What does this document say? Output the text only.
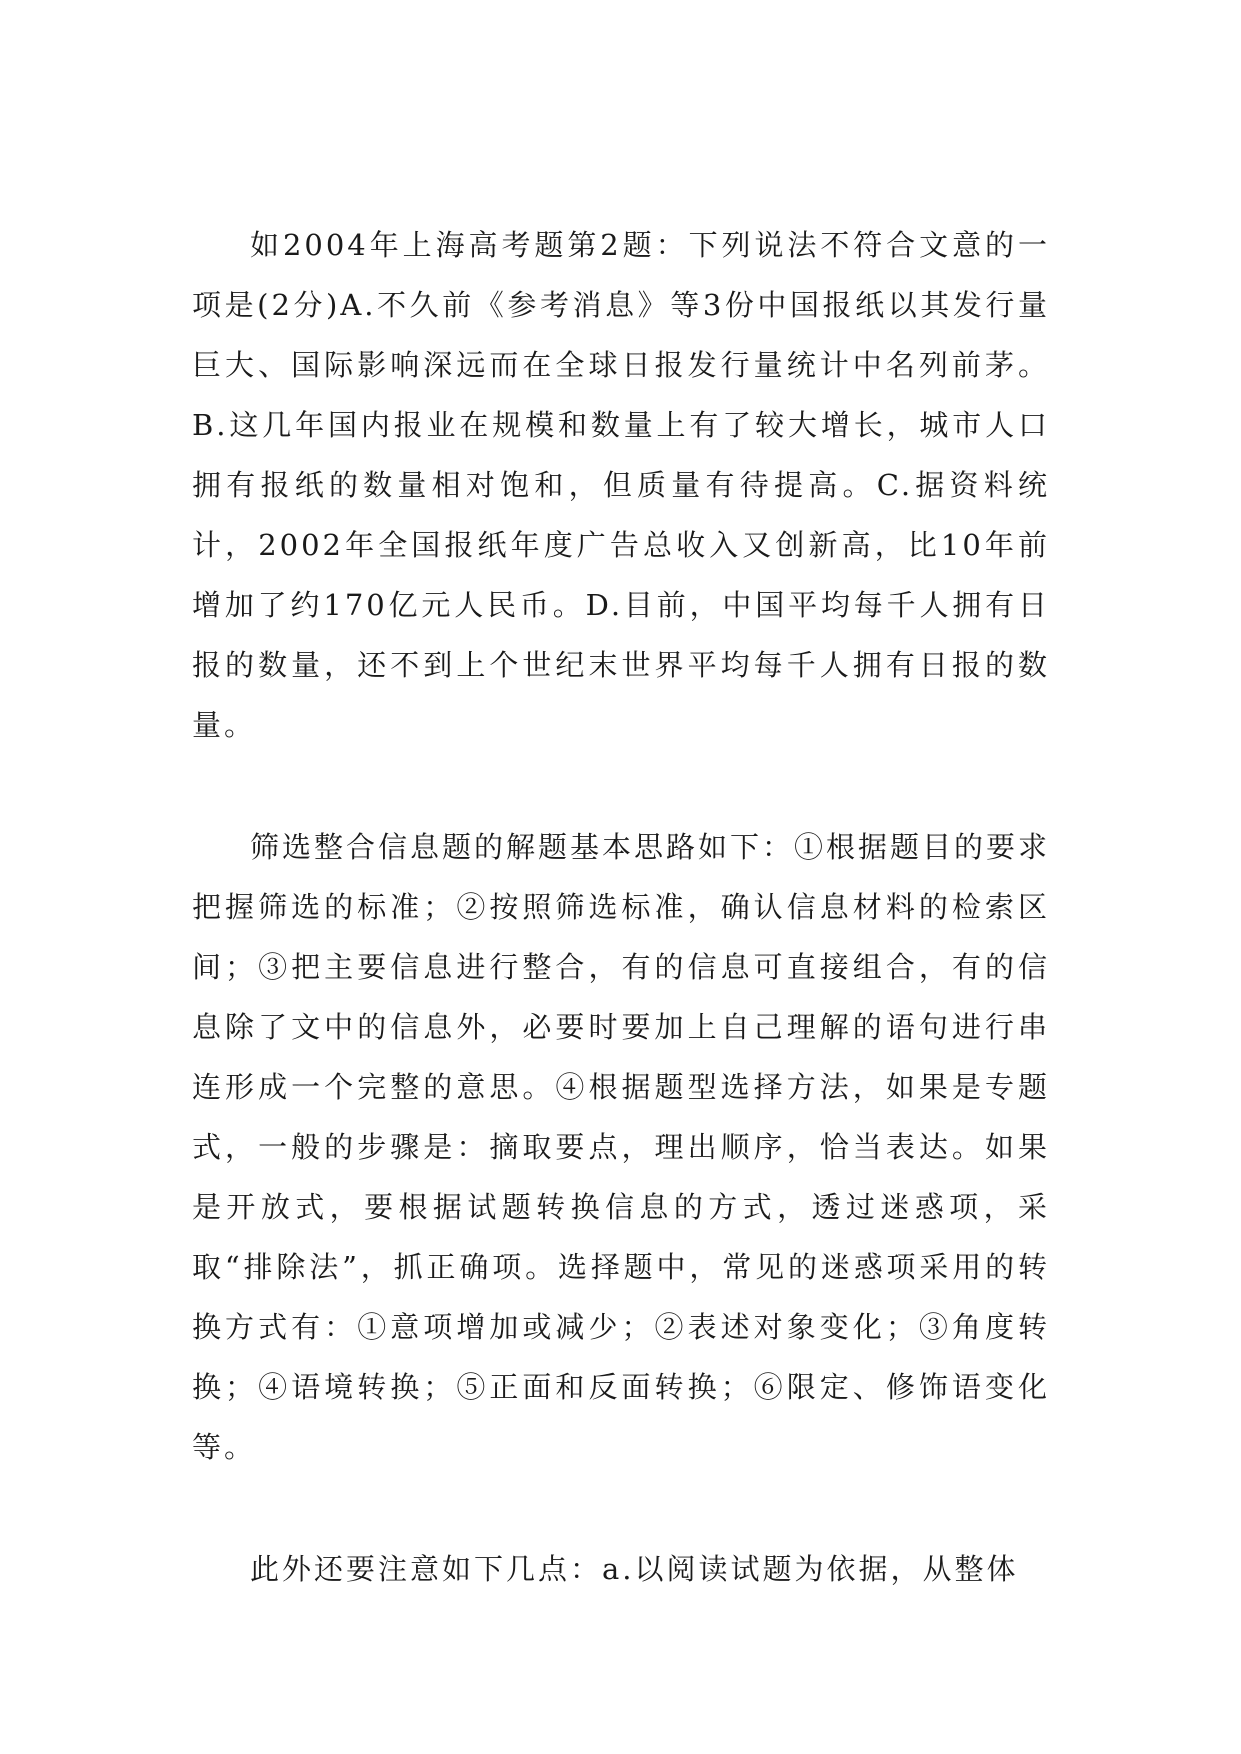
如2004年上海高考题第2题：下列说法不符合文意的一项是(2分)A.不久前《参考消息》等3份中国报纸以其发行量巨大、国际影响深远而在全球日报发行量统计中名列前茅。 B.这几年国内报业在规模和数量上有了较大增长，城市人口拥有报纸的数量相对饱和，但质量有待提高。C.据资料统计，2002年全国报纸年度广告总收入又创新高，比10年前增加了约170亿元人民币。D.目前，中国平均每千人拥有日报的数量，还不到上个世纪末世界平均每千人拥有日报的数量。

筛选整合信息题的解题基本思路如下：①根据题目的要求把握筛选的标准；②按照筛选标准，确认信息材料的检索区间；③把主要信息进行整合，有的信息可直接组合，有的信息除了文中的信息外，必要时要加上自己理解的语句进行串连形成一个完整的意思。④根据题型选择方法，如果是专题式，一般的步骤是：摘取要点，理出顺序，恰当表达。如果是开放式，要根据试题转换信息的方式，透过迷惑项，采取“排除法”，抓正确项。选择题中，常见的迷惑项采用的转换方式有：①意项增加或减少；②表述对象变化；③角度转换；④语境转换；⑤正面和反面转换；⑥限定、修饰语变化等。

此外还要注意如下几点：a.以阅读试题为依据，从整体
